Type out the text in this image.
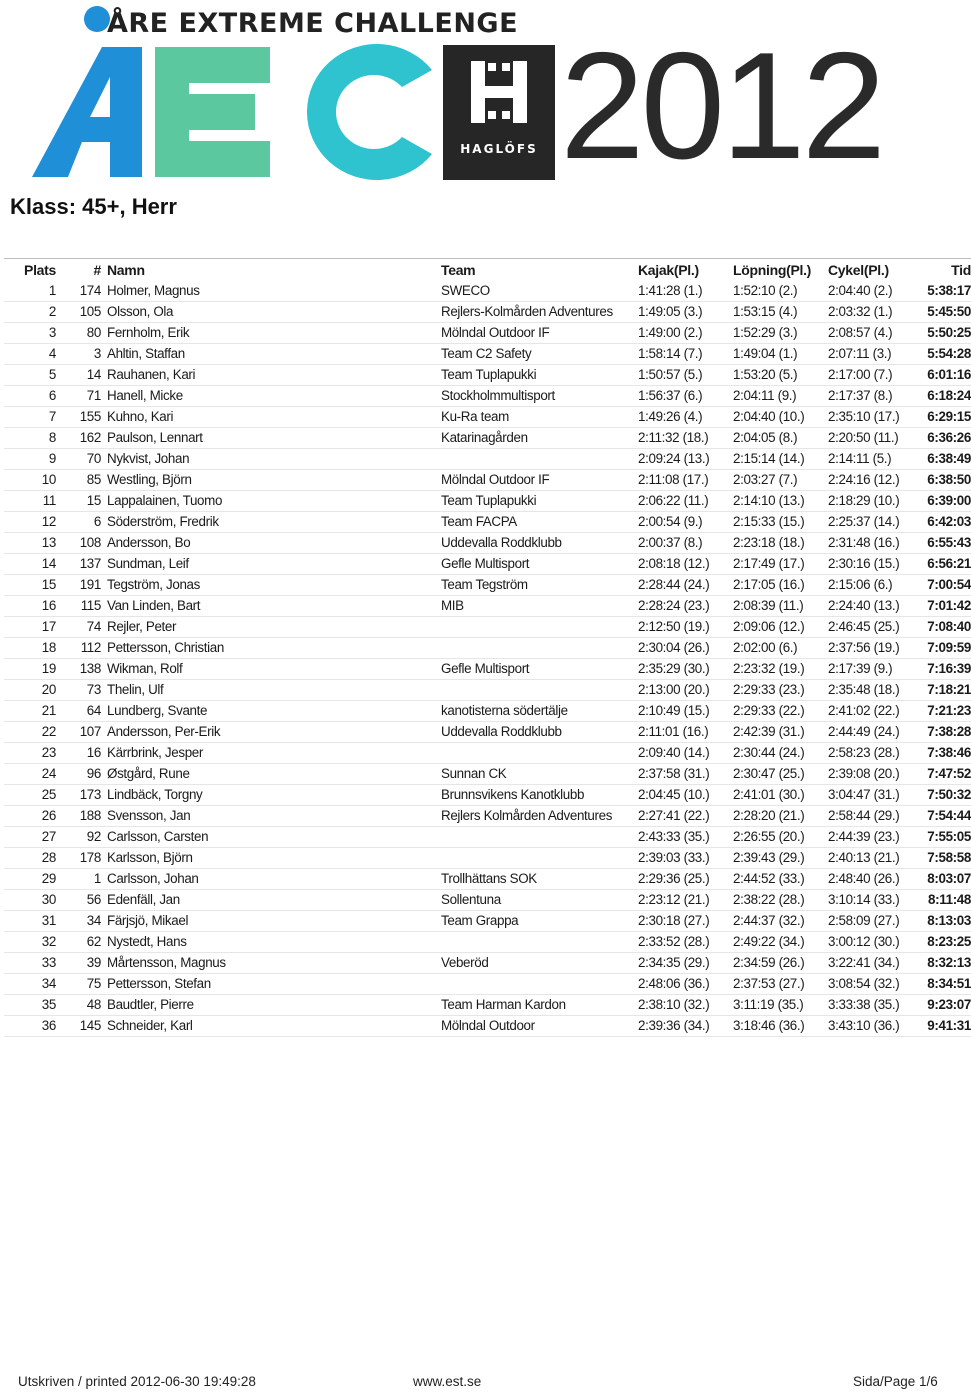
ÅRE EXTREME CHALLENGE
HAGLÖFS 2012
Klass: 45+, Herr
Plats	#	Namn	Team	Kajak(Pl.)	Löpning(Pl.)	Cykel(Pl.)	Tid
1	174	Holmer, Magnus	SWECO	1:41:28 (1.)	1:52:10 (2.)	2:04:40 (2.)	5:38:17
2	105	Olsson, Ola	Rejlers-Kolmården Adventures	1:49:05 (3.)	1:53:15 (4.)	2:03:32 (1.)	5:45:50
3	80	Fernholm, Erik	Mölndal Outdoor IF	1:49:00 (2.)	1:52:29 (3.)	2:08:57 (4.)	5:50:25
4	3	Ahltin, Staffan	Team C2 Safety	1:58:14 (7.)	1:49:04 (1.)	2:07:11 (3.)	5:54:28
5	14	Rauhanen, Kari	Team Tuplapukki	1:50:57 (5.)	1:53:20 (5.)	2:17:00 (7.)	6:01:16
6	71	Hanell, Micke	Stockholmmultisport	1:56:37 (6.)	2:04:11 (9.)	2:17:37 (8.)	6:18:24
7	155	Kuhno, Kari	Ku-Ra team	1:49:26 (4.)	2:04:40 (10.)	2:35:10 (17.)	6:29:15
8	162	Paulson, Lennart	Katarinagården	2:11:32 (18.)	2:04:05 (8.)	2:20:50 (11.)	6:36:26
9	70	Nykvist, Johan		2:09:24 (13.)	2:15:14 (14.)	2:14:11 (5.)	6:38:49
10	85	Westling, Björn	Mölndal Outdoor IF	2:11:08 (17.)	2:03:27 (7.)	2:24:16 (12.)	6:38:50
11	15	Lappalainen, Tuomo	Team Tuplapukki	2:06:22 (11.)	2:14:10 (13.)	2:18:29 (10.)	6:39:00
12	6	Söderström, Fredrik	Team FACPA	2:00:54 (9.)	2:15:33 (15.)	2:25:37 (14.)	6:42:03
13	108	Andersson, Bo	Uddevalla Roddklubb	2:00:37 (8.)	2:23:18 (18.)	2:31:48 (16.)	6:55:43
14	137	Sundman, Leif	Gefle Multisport	2:08:18 (12.)	2:17:49 (17.)	2:30:16 (15.)	6:56:21
15	191	Tegström, Jonas	Team Tegström	2:28:44 (24.)	2:17:05 (16.)	2:15:06 (6.)	7:00:54
16	115	Van Linden, Bart	MIB	2:28:24 (23.)	2:08:39 (11.)	2:24:40 (13.)	7:01:42
17	74	Rejler, Peter		2:12:50 (19.)	2:09:06 (12.)	2:46:45 (25.)	7:08:40
18	112	Pettersson, Christian		2:30:04 (26.)	2:02:00 (6.)	2:37:56 (19.)	7:09:59
19	138	Wikman, Rolf	Gefle Multisport	2:35:29 (30.)	2:23:32 (19.)	2:17:39 (9.)	7:16:39
20	73	Thelin, Ulf		2:13:00 (20.)	2:29:33 (23.)	2:35:48 (18.)	7:18:21
21	64	Lundberg, Svante	kanotisterna södertälje	2:10:49 (15.)	2:29:33 (22.)	2:41:02 (22.)	7:21:23
22	107	Andersson, Per-Erik	Uddevalla Roddklubb	2:11:01 (16.)	2:42:39 (31.)	2:44:49 (24.)	7:38:28
23	16	Kärrbrink, Jesper		2:09:40 (14.)	2:30:44 (24.)	2:58:23 (28.)	7:38:46
24	96	Østgård, Rune	Sunnan CK	2:37:58 (31.)	2:30:47 (25.)	2:39:08 (20.)	7:47:52
25	173	Lindbäck, Torgny	Brunnsvikens Kanotklubb	2:04:45 (10.)	2:41:01 (30.)	3:04:47 (31.)	7:50:32
26	188	Svensson, Jan	Rejlers Kolmården Adventures	2:27:41 (22.)	2:28:20 (21.)	2:58:44 (29.)	7:54:44
27	92	Carlsson, Carsten		2:43:33 (35.)	2:26:55 (20.)	2:44:39 (23.)	7:55:05
28	178	Karlsson, Björn		2:39:03 (33.)	2:39:43 (29.)	2:40:13 (21.)	7:58:58
29	1	Carlsson, Johan	Trollhättans SOK	2:29:36 (25.)	2:44:52 (33.)	2:48:40 (26.)	8:03:07
30	56	Edenfäll, Jan	Sollentuna	2:23:12 (21.)	2:38:22 (28.)	3:10:14 (33.)	8:11:48
31	34	Färjsjö, Mikael	Team Grappa	2:30:18 (27.)	2:44:37 (32.)	2:58:09 (27.)	8:13:03
32	62	Nystedt, Hans		2:33:52 (28.)	2:49:22 (34.)	3:00:12 (30.)	8:23:25
33	39	Mårtensson, Magnus	Veberöd	2:34:35 (29.)	2:34:59 (26.)	3:22:41 (34.)	8:32:13
34	75	Pettersson, Stefan		2:48:06 (36.)	2:37:53 (27.)	3:08:54 (32.)	8:34:51
35	48	Baudtler, Pierre	Team Harman Kardon	2:38:10 (32.)	3:11:19 (35.)	3:33:38 (35.)	9:23:07
36	145	Schneider, Karl	Mölndal Outdoor	2:39:36 (34.)	3:18:46 (36.)	3:43:10 (36.)	9:41:31
Utskriven / printed 2012-06-30 19:49:28	www.est.se	Sida/Page 1/6
